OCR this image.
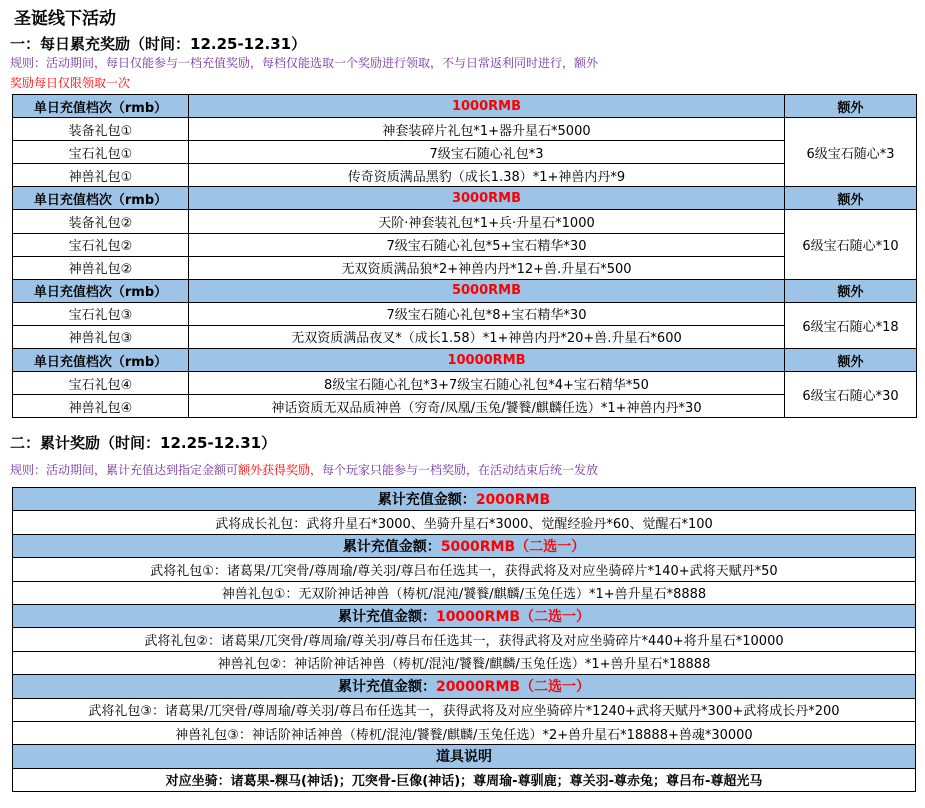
圣诞线下活动
一：每日累充奖励（时间：12.25-12.31）
规则：活动期间，每日仅能参与一档充值奖励，每档仅能选取一个奖励进行领取，不与日常返利同时进行，额外
奖励每日仅限领取一次
单日充值档次（rmb）	1000RMB	额外
装备礼包①	神套装碎片礼包*1+器升星石*5000	6级宝石随心*3
宝石礼包①	7级宝石随心礼包*3	
神兽礼包①	传奇资质满品黑豹（成长1.38）*1+神兽内丹*9	
单日充值档次（rmb）	3000RMB	额外
装备礼包②	天阶·神套装礼包*1+兵·升星石*1000	6级宝石随心*10
宝石礼包②	7级宝石随心礼包*5+宝石精华*30	
神兽礼包②	无双资质满品狼*2+神兽内丹*12+兽.升星石*500	
单日充值档次（rmb）	5000RMB	额外
宝石礼包③	7级宝石随心礼包*8+宝石精华*30	6级宝石随心*18
神兽礼包③	无双资质满品夜叉*（成长1.58）*1+神兽内丹*20+兽.升星石*600	
单日充值档次（rmb）	10000RMB	额外
宝石礼包④	8级宝石随心礼包*3+7级宝石随心礼包*4+宝石精华*50	6级宝石随心*30
神兽礼包④	神话资质无双品质神兽（穷奇/凤凰/玉兔/饕餮/麒麟任选）*1+神兽内丹*30	
二：累计奖励（时间：12.25-12.31）
规则：活动期间，累计充值达到指定金额可额外获得奖励，每个玩家只能参与一档奖励，在活动结束后统一发放
累计充值金额：2000RMB
武将成长礼包：武将升星石*3000、坐骑升星石*3000、觉醒经验丹*60、觉醒石*100
累计充值金额：5000RMB（二选一）
武将礼包①：诸葛果/兀突骨/尊周瑜/尊关羽/尊吕布任选其一，获得武将及对应坐骑碎片*140+武将天赋丹*50
神兽礼包①：无双阶神话神兽（梼杌/混沌/饕餮/麒麟/玉兔任选）*1+兽升星石*8888
累计充值金额：10000RMB（二选一）
武将礼包②：诸葛果/兀突骨/尊周瑜/尊关羽/尊吕布任选其一，获得武将及对应坐骑碎片*440+将升星石*10000
神兽礼包②：神话阶神话神兽（梼杌/混沌/饕餮/麒麟/玉兔任选）*1+兽升星石*18888
累计充值金额：20000RMB（二选一）
武将礼包③：诸葛果/兀突骨/尊周瑜/尊关羽/尊吕布任选其一，获得武将及对应坐骑碎片*1240+武将天赋丹*300+武将成长丹*200
神兽礼包③：神话阶神话神兽（梼杌/混沌/饕餮/麒麟/玉兔任选）*2+兽升星石*18888+兽魂*30000
道具说明
对应坐骑：诸葛果-粿马(神话)；兀突骨-巨像(神话)；尊周瑜-尊驯鹿；尊关羽-尊赤兔；尊吕布-尊超光马
